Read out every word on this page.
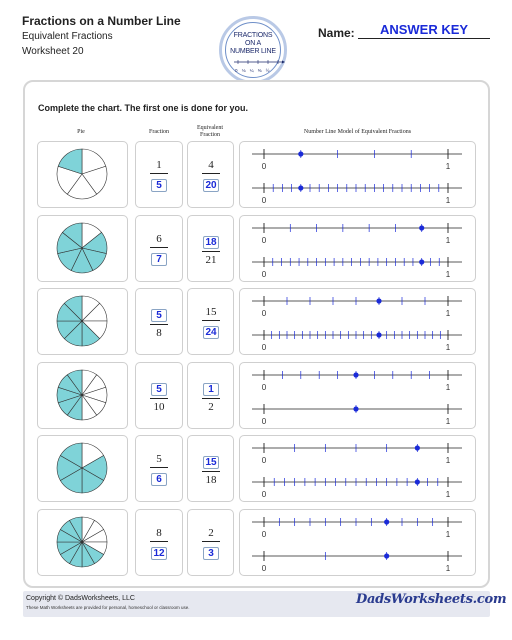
Fractions on a Number Line
Equivalent Fractions
Worksheet 20
FRACTIONS
ON A
NUMBER LINE
0 ⅛ ¼ ⅜ ½
Name:	ANSWER KEY
Complete the chart. The first one is done for you.
Pie	Fraction
Equivalent
Fraction	Number Line Model of Equivalent Fractions
$\frac{1}{5} \frac{4}{20}$	0	1
0	1
$\frac{6}{7} \frac{18}{21}$	0	1
0	1
$\frac{5}{8} \frac{15}{24}$	0	1
0	1
$\frac{5}{10} \frac{1}{2}$	0	1
0	1
$\frac{5}{6} \frac{15}{18}$	0	1
0	1
$\frac{8}{12} \frac{2}{3}$	0	1
0	1
Copyright © DadsWorksheets, LLC
These Math Worksheets are provided for personal, homeschool or classroom use.
DadsWorksheets.com
